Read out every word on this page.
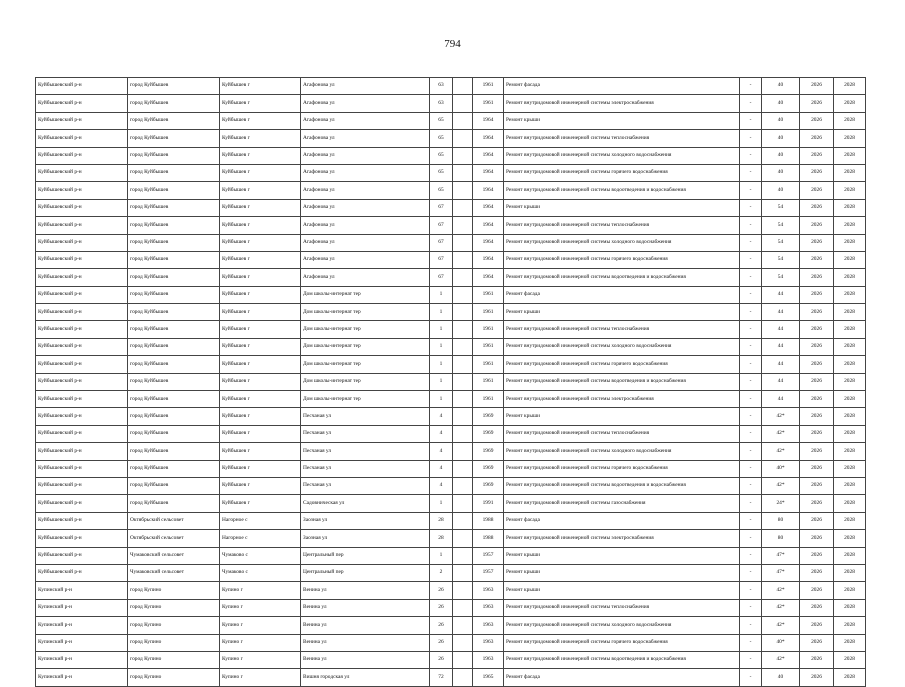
794
Куйбышевский р-н	город Куйбышев	Куйбышев г	Агафонова ул	63		1961	Ремонт фасада	-	40	2026	2028
Куйбышевский р-н	город Куйбышев	Куйбышев г	Агафонова ул	63		1961	Ремонт внутридомовой инженерной системы электроснабжения	-	40	2026	2028
Куйбышевский р-н	город Куйбышев	Куйбышев г	Агафонова ул	65		1964	Ремонт крыши	-	40	2026	2028
Куйбышевский р-н	город Куйбышев	Куйбышев г	Агафонова ул	65		1964	Ремонт внутридомовой инженерной системы теплоснабжения	-	40	2026	2028
Куйбышевский р-н	город Куйбышев	Куйбышев г	Агафонова ул	65		1964	Ремонт внутридомовой инженерной системы холодного водоснабжения	-	40	2026	2028
Куйбышевский р-н	город Куйбышев	Куйбышев г	Агафонова ул	65		1964	Ремонт внутридомовой инженерной системы горячего водоснабжения	-	40	2026	2028
Куйбышевский р-н	город Куйбышев	Куйбышев г	Агафонова ул	65		1964	Ремонт внутридомовой инженерной системы водоотведения и водоснабжения	-	40	2026	2028
Куйбышевский р-н	город Куйбышев	Куйбышев г	Агафонова ул	67		1964	Ремонт крыши	-	54	2026	2028
Куйбышевский р-н	город Куйбышев	Куйбышев г	Агафонова ул	67		1964	Ремонт внутридомовой инженерной системы теплоснабжения	-	54	2026	2028
Куйбышевский р-н	город Куйбышев	Куйбышев г	Агафонова ул	67		1964	Ремонт внутридомовой инженерной системы холодного водоснабжения	-	54	2026	2028
Куйбышевский р-н	город Куйбышев	Куйбышев г	Агафонова ул	67		1964	Ремонт внутридомовой инженерной системы горячего водоснабжения	-	54	2026	2028
Куйбышевский р-н	город Куйбышев	Куйбышев г	Агафонова ул	67		1964	Ремонт внутридомовой инженерной системы водоотведения и водоснабжения	-	54	2026	2028
Куйбышевский р-н	город Куйбышев	Куйбышев г	Дом школы-интернат тер	1		1961	Ремонт фасада	-	44	2026	2028
Куйбышевский р-н	город Куйбышев	Куйбышев г	Дом школы-интернат тер	1		1961	Ремонт крыши	-	44	2026	2028
Куйбышевский р-н	город Куйбышев	Куйбышев г	Дом школы-интернат тер	1		1961	Ремонт внутридомовой инженерной системы теплоснабжения	-	44	2026	2028
Куйбышевский р-н	город Куйбышев	Куйбышев г	Дом школы-интернат тер	1		1961	Ремонт внутридомовой инженерной системы холодного водоснабжения	-	44	2026	2028
Куйбышевский р-н	город Куйбышев	Куйбышев г	Дом школы-интернат тер	1		1961	Ремонт внутридомовой инженерной системы горячего водоснабжения	-	44	2026	2028
Куйбышевский р-н	город Куйбышев	Куйбышев г	Дом школы-интернат тер	1		1961	Ремонт внутридомовой инженерной системы водоотведения и водоснабжения	-	44	2026	2028
Куйбышевский р-н	город Куйбышев	Куйбышев г	Дом школы-интернат тер	1		1961	Ремонт внутридомовой инженерной системы электроснабжения	-	44	2026	2028
Куйбышевский р-н	город Куйбышев	Куйбышев г	Песчаная ул	4		1969	Ремонт крыши	-	42*	2026	2028
Куйбышевский р-н	город Куйбышев	Куйбышев г	Песчаная ул	4		1969	Ремонт внутридомовой инженерной системы теплоснабжения	-	42*	2026	2028
Куйбышевский р-н	город Куйбышев	Куйбышев г	Песчаная ул	4		1969	Ремонт внутридомовой инженерной системы холодного водоснабжения	-	42*	2026	2028
Куйбышевский р-н	город Куйбышев	Куйбышев г	Песчаная ул	4		1969	Ремонт внутридомовой инженерной системы горячего водоснабжения	-	40*	2026	2028
Куйбышевский р-н	город Куйбышев	Куйбышев г	Песчаная ул	4		1969	Ремонт внутридомовой инженерной системы водоотведения и водоснабжения	-	42*	2026	2028
Куйбышевский р-н	город Куйбышев	Куйбышев г	Садовническая ул	1		1991	Ремонт внутридомовой инженерной системы газоснабжения	-	24*	2026	2028
Куйбышевский р-н	Октябрьский сельсовет	Нагорное с	Заозная ул	28		1988	Ремонт фасада	-	80	2026	2028
Куйбышевский р-н	Октябрьский сельсовет	Нагорное с	Заозная ул	28		1988	Ремонт внутридомовой инженерной системы электроснабжения	-	80	2026	2028
Куйбышевский р-н	Чумаковский сельсовет	Чумаково с	Центральный пер	1		1957	Ремонт крыши	-	47*	2026	2028
Куйбышевский р-н	Чумаковский сельсовет	Чумаково с	Центральный пер	2		1957	Ремонт крыши	-	47*	2026	2028
Купинский р-н	город Купино	Купино г	Венина ул	26		1963	Ремонт крыши	-	42*	2026	2028
Купинский р-н	город Купино	Купино г	Венина ул	26		1963	Ремонт внутридомовой инженерной системы теплоснабжения	-	42*	2026	2028
Купинский р-н	город Купино	Купино г	Венина ул	26		1963	Ремонт внутридомовой инженерной системы холодного водоснабжения	-	42*	2026	2028
Купинский р-н	город Купино	Купино г	Венина ул	26		1963	Ремонт внутридомовой инженерной системы горячего водоснабжения	-	40*	2026	2028
Купинский р-н	город Купино	Купино г	Венина ул	26		1963	Ремонт внутридомовой инженерной системы водоотведения и водоснабжения	-	42*	2026	2028
Купинский р-н	город Купино	Купино г	Вишня городская ул	72		1965	Ремонт фасада	-	40	2026	2028
